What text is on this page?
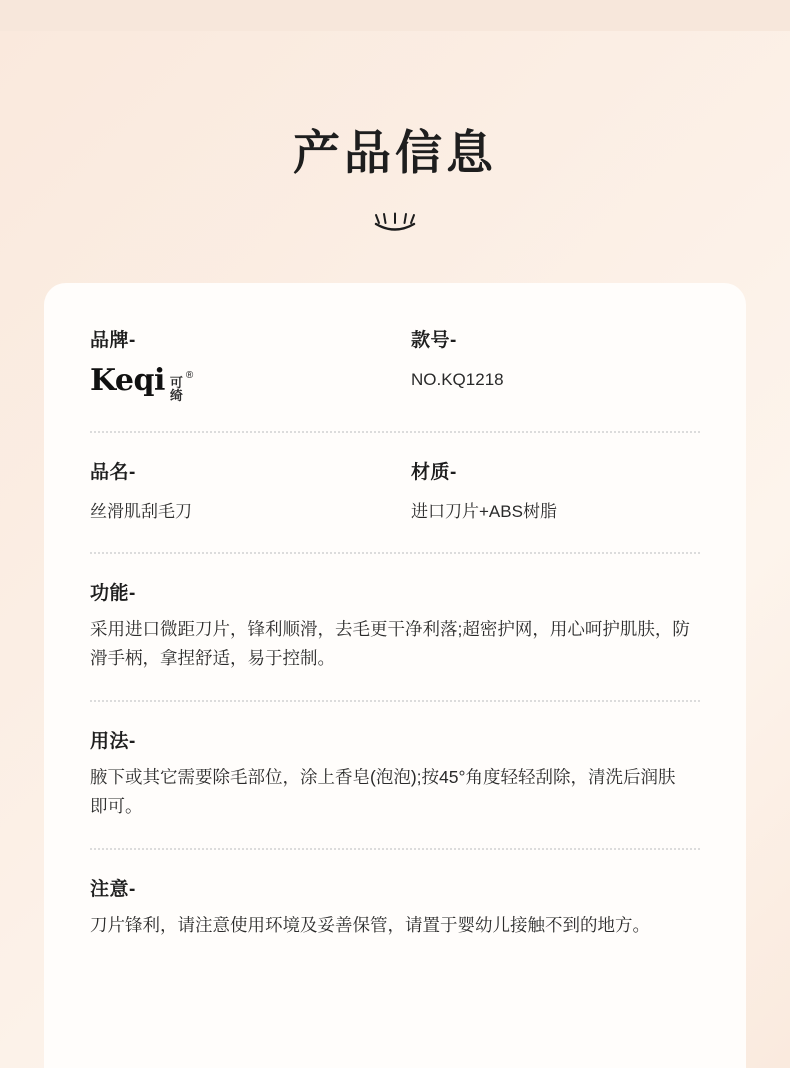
产品信息

品牌-

Keqi 可
绮
®

款号-

NO.KQ1218

品名-

丝滑肌刮毛刀

材质-

进口刀片+ABS树脂

功能-

采用进口微距刀片，锋利顺滑，去毛更干净利落;超密护网，用心呵护肌肤，防滑手柄，拿捏舒适，易于控制。

用法-

腋下或其它需要除毛部位，涂上香皂(泡泡);按45°角度轻轻刮除，清洗后润肤即可。

注意-

刀片锋利，请注意使用环境及妥善保管，请置于婴幼儿接触不到的地方。
